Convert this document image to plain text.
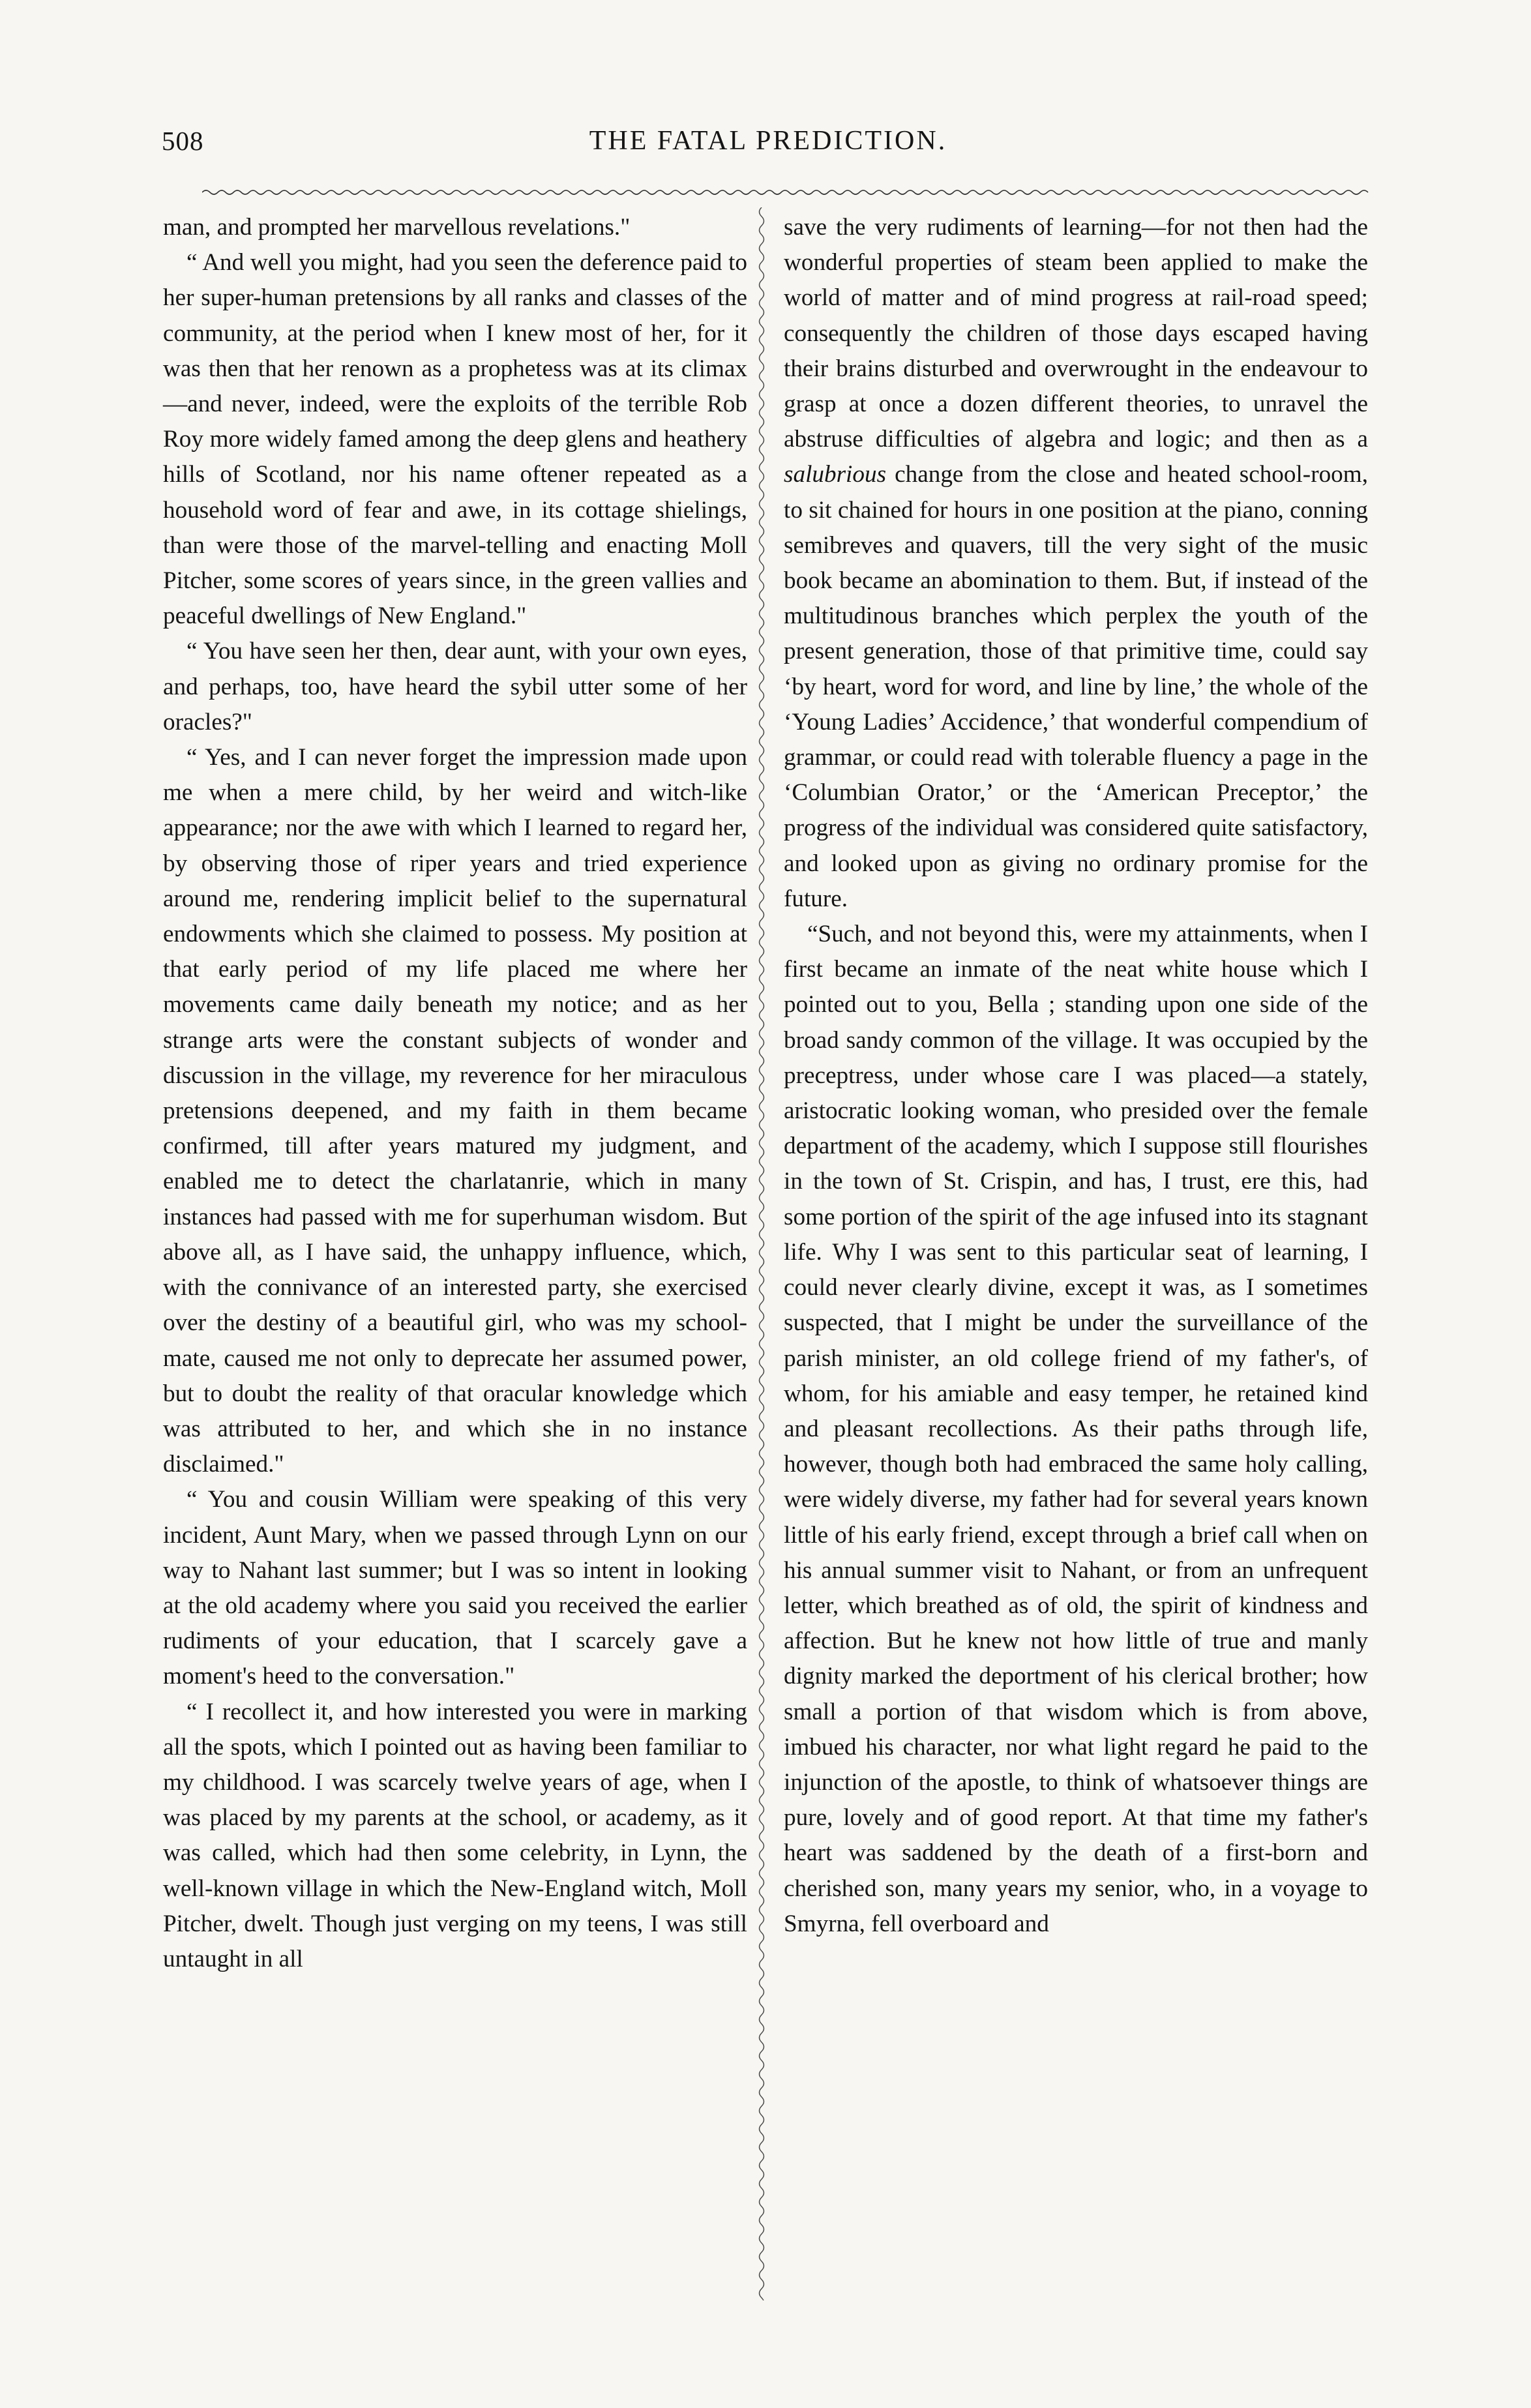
508	THE FATAL PREDICTION.

man, and prompted her marvellous revelations."

“ And well you might, had you seen the deference paid to her super-human pretensions by all ranks and classes of the community, at the period when I knew most of her, for it was then that her renown as a prophetess was at its climax—and never, indeed, were the exploits of the terrible Rob Roy more widely famed among the deep glens and heathery hills of Scotland, nor his name oftener repeated as a household word of fear and awe, in its cottage shielings, than were those of the marvel-telling and enacting Moll Pitcher, some scores of years since, in the green vallies and peaceful dwellings of New England."

“ You have seen her then, dear aunt, with your own eyes, and perhaps, too, have heard the sybil utter some of her oracles?"

“ Yes, and I can never forget the impression made upon me when a mere child, by her weird and witch-like appearance; nor the awe with which I learned to regard her, by observing those of riper years and tried experience around me, rendering implicit belief to the supernatural endowments which she claimed to possess. My position at that early period of my life placed me where her movements came daily beneath my notice; and as her strange arts were the constant subjects of wonder and discussion in the village, my reverence for her miraculous pretensions deepened, and my faith in them became confirmed, till after years matured my judgment, and enabled me to detect the charlatanrie, which in many instances had passed with me for superhuman wisdom. But above all, as I have said, the unhappy influence, which, with the connivance of an interested party, she exercised over the destiny of a beautiful girl, who was my school-mate, caused me not only to deprecate her assumed power, but to doubt the reality of that oracular knowledge which was attributed to her, and which she in no instance disclaimed."

“ You and cousin William were speaking of this very incident, Aunt Mary, when we passed through Lynn on our way to Nahant last summer; but I was so intent in looking at the old academy where you said you received the earlier rudiments of your education, that I scarcely gave a moment's heed to the conversation."

“ I recollect it, and how interested you were in marking all the spots, which I pointed out as having been familiar to my childhood. I was scarcely twelve years of age, when I was placed by my parents at the school, or academy, as it was called, which had then some celebrity, in Lynn, the well-known village in which the New-England witch, Moll Pitcher, dwelt. Though just verging on my teens, I was still untaught in all

save the very rudiments of learning—for not then had the wonderful properties of steam been applied to make the world of matter and of mind progress at rail-road speed; consequently the children of those days escaped having their brains disturbed and overwrought in the endeavour to grasp at once a dozen different theories, to unravel the abstruse difficulties of algebra and logic; and then as a salubrious change from the close and heated school-room, to sit chained for hours in one position at the piano, conning semibreves and quavers, till the very sight of the music book became an abomination to them. But, if instead of the multitudinous branches which perplex the youth of the present generation, those of that primitive time, could say ‘by heart, word for word, and line by line,’ the whole of the ‘Young Ladies’ Accidence,’ that wonderful compendium of grammar, or could read with tolerable fluency a page in the ‘Columbian Orator,’ or the ‘American Preceptor,’ the progress of the individual was considered quite satisfactory, and looked upon as giving no ordinary promise for the future.

“Such, and not beyond this, were my attainments, when I first became an inmate of the neat white house which I pointed out to you, Bella ; standing upon one side of the broad sandy common of the village. It was occupied by the preceptress, under whose care I was placed—a stately, aristocratic looking woman, who presided over the female department of the academy, which I suppose still flourishes in the town of St. Crispin, and has, I trust, ere this, had some portion of the spirit of the age infused into its stagnant life. Why I was sent to this particular seat of learning, I could never clearly divine, except it was, as I sometimes suspected, that I might be under the surveillance of the parish minister, an old college friend of my father's, of whom, for his amiable and easy temper, he retained kind and pleasant recollections. As their paths through life, however, though both had embraced the same holy calling, were widely diverse, my father had for several years known little of his early friend, except through a brief call when on his annual summer visit to Nahant, or from an unfrequent letter, which breathed as of old, the spirit of kindness and affection. But he knew not how little of true and manly dignity marked the deportment of his clerical brother; how small a portion of that wisdom which is from above, imbued his character, nor what light regard he paid to the injunction of the apostle, to think of whatsoever things are pure, lovely and of good report. At that time my father's heart was saddened by the death of a first-born and cherished son, many years my senior, who, in a voyage to Smyrna, fell overboard and
